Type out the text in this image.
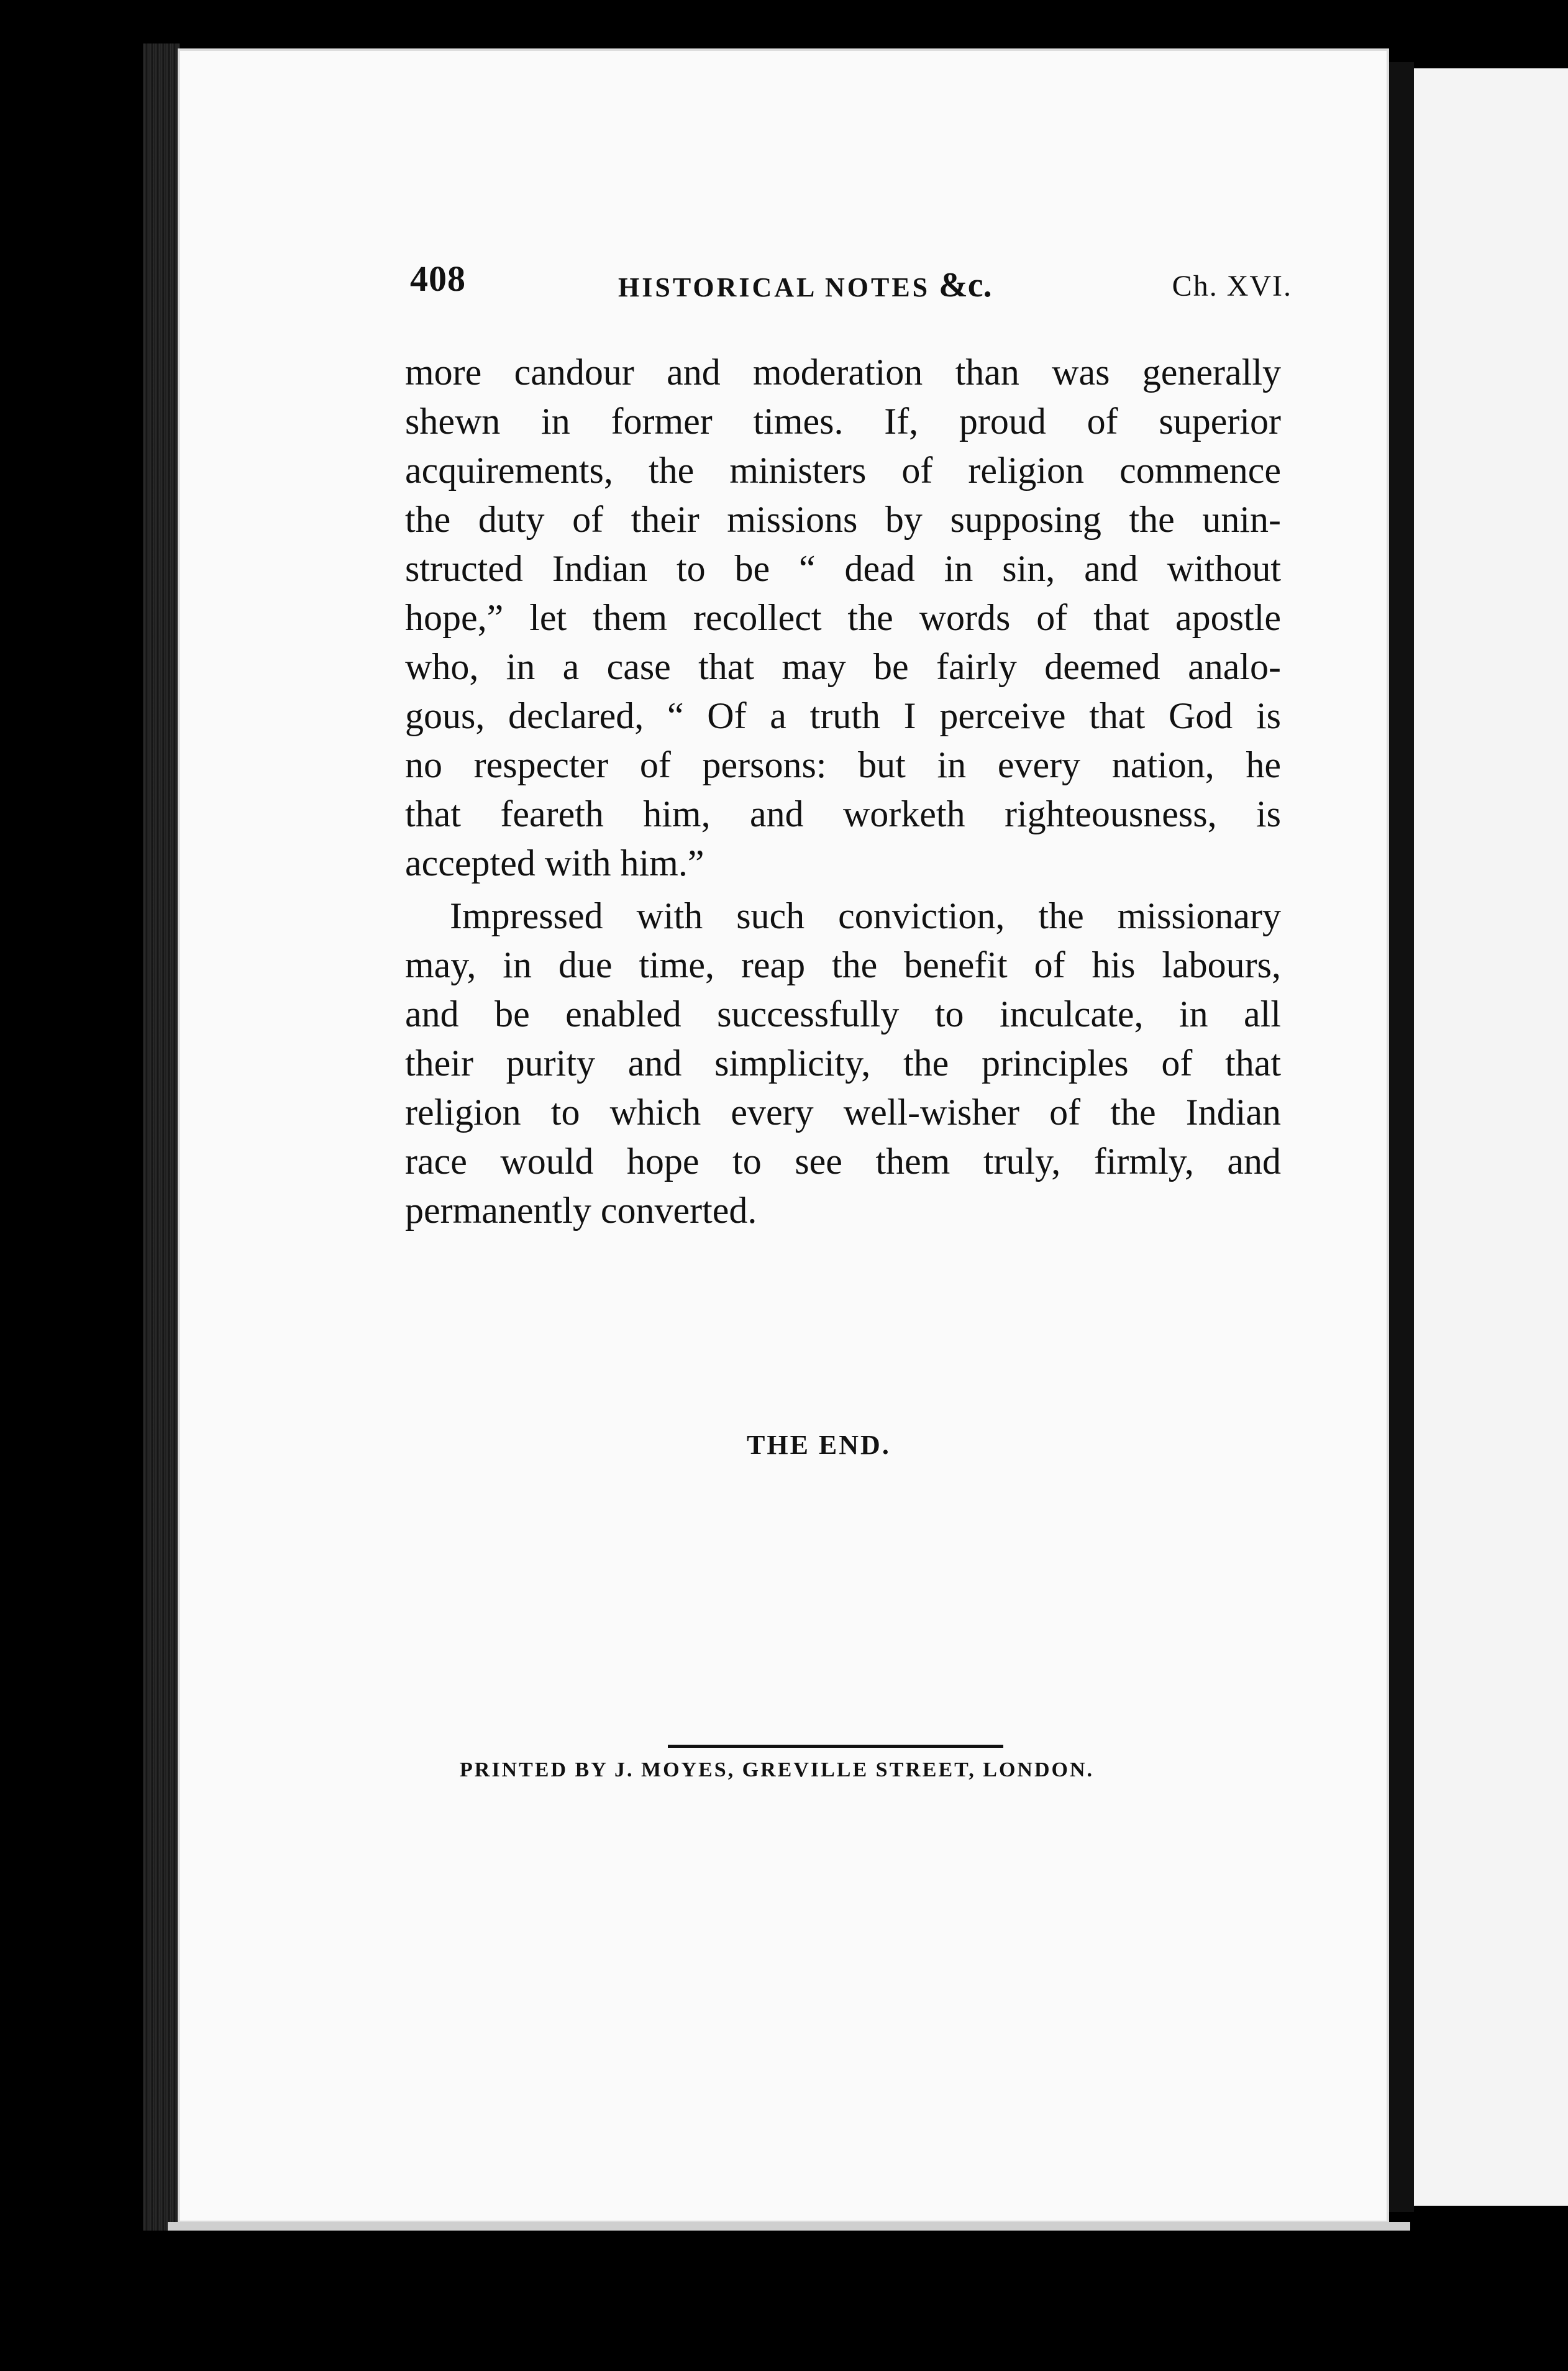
408	HISTORICAL NOTES &c.	Ch. XVI.
more candour and moderation than was generally
shewn in former times. If, proud of superior
acquirements, the ministers of religion commence
the duty of their missions by supposing the unin-
structed Indian to be “ dead in sin, and without
hope,” let them recollect the words of that apostle
who, in a case that may be fairly deemed analo-
gous, declared, “ Of a truth I perceive that God is
no respecter of persons: but in every nation, he
that feareth him, and worketh righteousness, is
accepted with him.”
Impressed with such conviction, the missionary
may, in due time, reap the benefit of his labours,
and be enabled successfully to inculcate, in all
their purity and simplicity, the principles of that
religion to which every well-wisher of the Indian
race would hope to see them truly, firmly, and
permanently converted.
THE END.
PRINTED BY J. MOYES, GREVILLE STREET, LONDON.
